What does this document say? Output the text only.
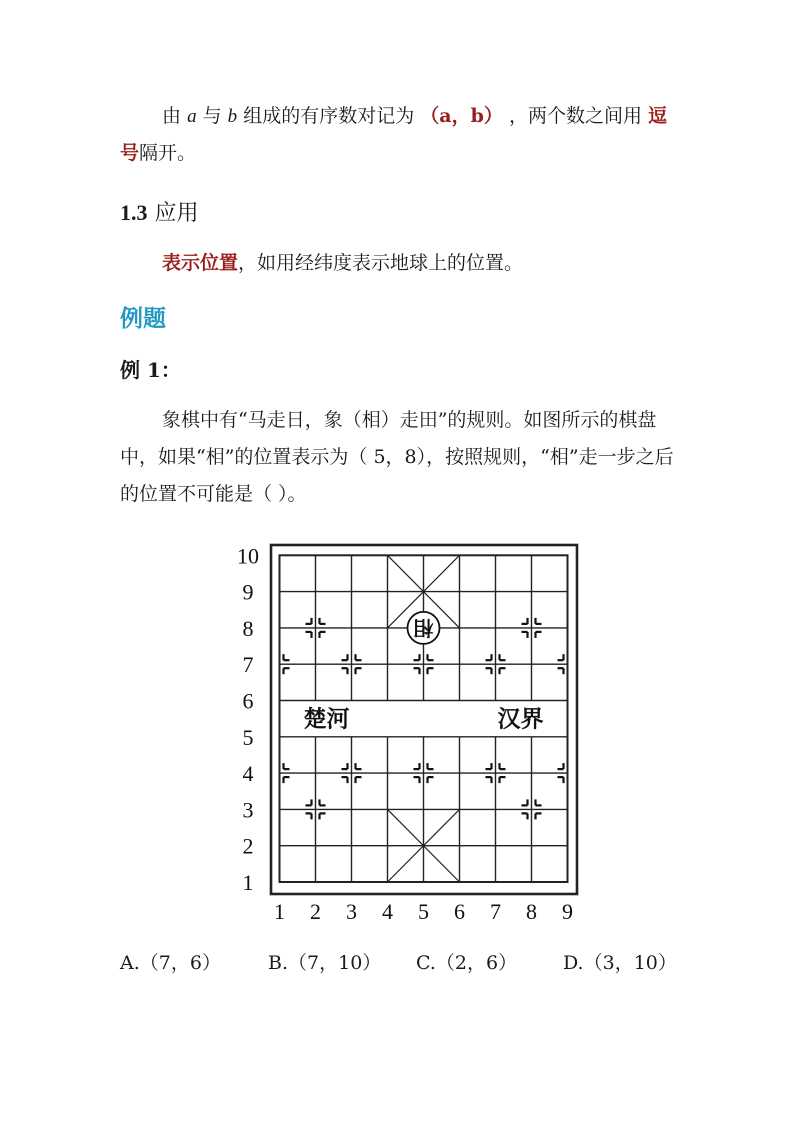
由 a 与 b 组成的有序数对记为 （a，b） ，两个数之间用 逗号隔开。
1.3 应用
表示位置，如用经纬度表示地球上的位置。
例题
例 1：
象棋中有“马走日，象（相）走田”的规则。如图所示的棋盘中，如果“相”的位置表示为（ 5，8），按照规则，“相”走一步之后的位置不可能是（ ）。
楚河	汉界
相
1
2
3
4
5
6
7
8
9
10
1 2 3 4 5 6 7 8 9
A.（7，6） B.（7，10） C.（2，6） D.（3，10）
